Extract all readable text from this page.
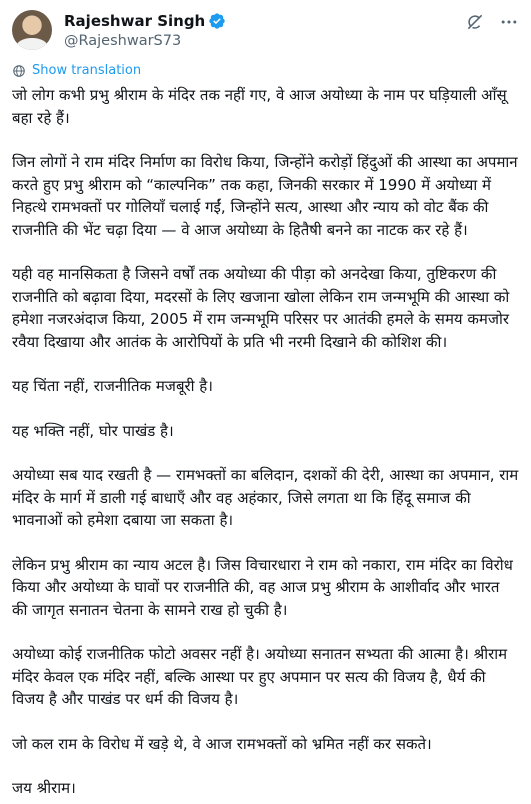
Rajeshwar Singh
@RajeshwarS73
Show translation

जो लोग कभी प्रभु श्रीराम के मंदिर तक नहीं गए, वे आज अयोध्या के नाम पर घड़ियाली आँसू बहा रहे हैं।

जिन लोगों ने राम मंदिर निर्माण का विरोध किया, जिन्होंने करोड़ों हिंदुओं की आस्था का अपमान करते हुए प्रभु श्रीराम को “काल्पनिक” तक कहा, जिनकी सरकार में 1990 में अयोध्या में निहत्थे रामभक्तों पर गोलियाँ चलाई गईं, जिन्होंने सत्य, आस्था और न्याय को वोट बैंक की राजनीति की भेंट चढ़ा दिया — वे आज अयोध्या के हितैषी बनने का नाटक कर रहे हैं।

यही वह मानसिकता है जिसने वर्षों तक अयोध्या की पीड़ा को अनदेखा किया, तुष्टिकरण की राजनीति को बढ़ावा दिया, मदरसों के लिए खजाना खोला लेकिन राम जन्मभूमि की आस्था को हमेशा नजरअंदाज किया, 2005 में राम जन्मभूमि परिसर पर आतंकी हमले के समय कमजोर रवैया दिखाया और आतंक के आरोपियों के प्रति भी नरमी दिखाने की कोशिश की।

यह चिंता नहीं, राजनीतिक मजबूरी है।

यह भक्ति नहीं, घोर पाखंड है।

अयोध्या सब याद रखती है — रामभक्तों का बलिदान, दशकों की देरी, आस्था का अपमान, राम मंदिर के मार्ग में डाली गई बाधाएँ और वह अहंकार, जिसे लगता था कि हिंदू समाज की भावनाओं को हमेशा दबाया जा सकता है।

लेकिन प्रभु श्रीराम का न्याय अटल है। जिस विचारधारा ने राम को नकारा, राम मंदिर का विरोध किया और अयोध्या के घावों पर राजनीति की, वह आज प्रभु श्रीराम के आशीर्वाद और भारत की जागृत सनातन चेतना के सामने राख हो चुकी है।

अयोध्या कोई राजनीतिक फोटो अवसर नहीं है। अयोध्या सनातन सभ्यता की आत्मा है। श्रीराम मंदिर केवल एक मंदिर नहीं, बल्कि आस्था पर हुए अपमान पर सत्य की विजय है, धैर्य की विजय है और पाखंड पर धर्म की विजय है।

जो कल राम के विरोध में खड़े थे, वे आज रामभक्तों को भ्रमित नहीं कर सकते।

जय श्रीराम।
